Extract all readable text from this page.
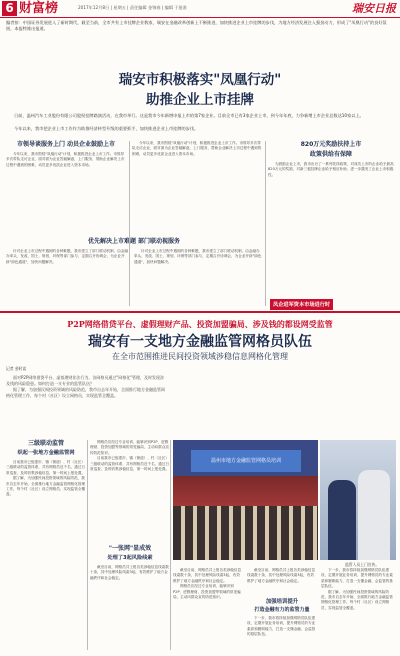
6 财富榜	2017年12月8日 | 星期五 | 责任编辑 金锦春 | 编辑 于批准	瑞安日报
编者按：中国证券发展进入了新时期代，截至当前，全市共有上市挂牌企业数家，瑞安在金融改革创新上不断推进，加快推进企业上市挂牌的步伐，为地方经济发展注入强劲动力，形成了"凤凰行动"的良好氛围，本报特推出报道。
瑞安市积极落实"凤凰行动"
助推企业上市挂牌
日前，温州汽车工业股份有限公司股权挂牌路演活动，在我市举行。这是我市今年新增申报上市的第7家企业。目前全市已有3家企业上市，到今年年底，力争新增上市企业总数达10家以上。
今年以来，我市把企业上市工作作为助推经济转型升级的重要抓手，加快推进企业上市挂牌的步伐。
市领导谈服务上门 动员企业鼓励上市

今年以来，我市围绕"凤凰行动"计划，积极推进企业上市工作。市领导多次带队走访企业，面对面为企业答疑解惑，上门服务，帮助企业解决上市过程中遇到的困难，动员更多优质企业进入资本市场。

今年以来，我市围绕"凤凰行动"计划，积极推进企业上市工作。市领导多次带队走访企业，面对面为企业答疑解惑，上门服务，帮助企业解决上市过程中遇到的困难，动员更多优质企业进入资本市场。

820万元奖励扶持上市
政策供给有保障

为鼓励企业上市，我市出台了一系列扶持政策，对成功上市的企业给予最高820万元的奖励，对新三板挂牌企业给予相应补助，进一步激发了企业上市积极性。

优先解决上市难题 部门联动视服务

针对企业上市过程中遇到的各种难题，我市建立了部门联动机制，由金融办牵头，发改、国土、规划、环保等部门参与，定期召开协调会，为企业开辟"绿色通道"，加快问题解决。

针对企业上市过程中遇到的各种难题，我市建立了部门联动机制，由金融办牵头，发改、国土、规划、环保等部门参与，定期召开协调会，为企业开辟"绿色通道"，加快问题解决。

凤企进军资本市场进行时
P2P网络借贷平台、虚假理财产品、投资加盟骗局、涉及钱的都设网受监管
瑞安有一支地方金融监管网格员队伍
在全市范围推进民间投资领域涉稳信息网格化管理
记者 金时谈

面对P2P网络借贷平台、虚拟理财非法行为，各网格员通过"网格化"管理，及时发现涉及钱的风险隐患。如何打造一支专业的监管队伍？

据了解，为加强民间投资领域的风险防范，我市自去年开始，全面推行地方金融监管网格化管理工作，每个村（社区）设立网格员，实现监管全覆盖。

三级联动监管
织起一张地方金融监管网

目前我市已组建市、镇（街道）、村（社区）三级联动的监管体系，共有网格员近千名，通过日常巡查，及时收集涉稳信息，第一时间上报处置。

据了解，为加强民间投资领域的风险防范，我市自去年开始，全面推行地方金融监管网格化管理工作，每个村（社区）设立网格员，实现监管全覆盖。

网格员们经过专业培训，能够识别P2P、虚假理财、投资加盟等领域的常见骗局，主动向群众宣传防范知识。

目前我市已组建市、镇（街道）、村（社区）三级联动的监管体系，共有网格员近千名，通过日常巡查，及时收集涉稳信息，第一时间上报处置。

"一张网"显成效
处理了3起风险线索

截至目前，网格员共上报各类涉稳信息线索数十条，其中处理风险线索3起，有效维护了地方金融秩序和社会稳定。

温州市地方金融监管网格员培训
监管人员上门宣传。

截至目前，网格员共上报各类涉稳信息线索数十条，其中处理风险线索3起，有效维护了地方金融秩序和社会稳定。

网格员们经过专业培训，能够识别P2P、虚假理财、投资加盟等领域的常见骗局，主动向群众宣传防范知识。

截至目前，网格员共上报各类涉稳信息线索数十条，其中处理风险线索3起，有效维护了地方金融秩序和社会稳定。

加强培训提升
打造金融有力的监管力量

下一步，我市将持续加强网格员队伍建设，定期开展业务培训，提升网格员的专业素质和履职能力，打造一支懂金融、会监管的基层队伍。

下一步，我市将持续加强网格员队伍建设，定期开展业务培训，提升网格员的专业素质和履职能力，打造一支懂金融、会监管的基层队伍。

据了解，为加强民间投资领域的风险防范，我市自去年开始，全面推行地方金融监管网格化管理工作，每个村（社区）设立网格员，实现监管全覆盖。
